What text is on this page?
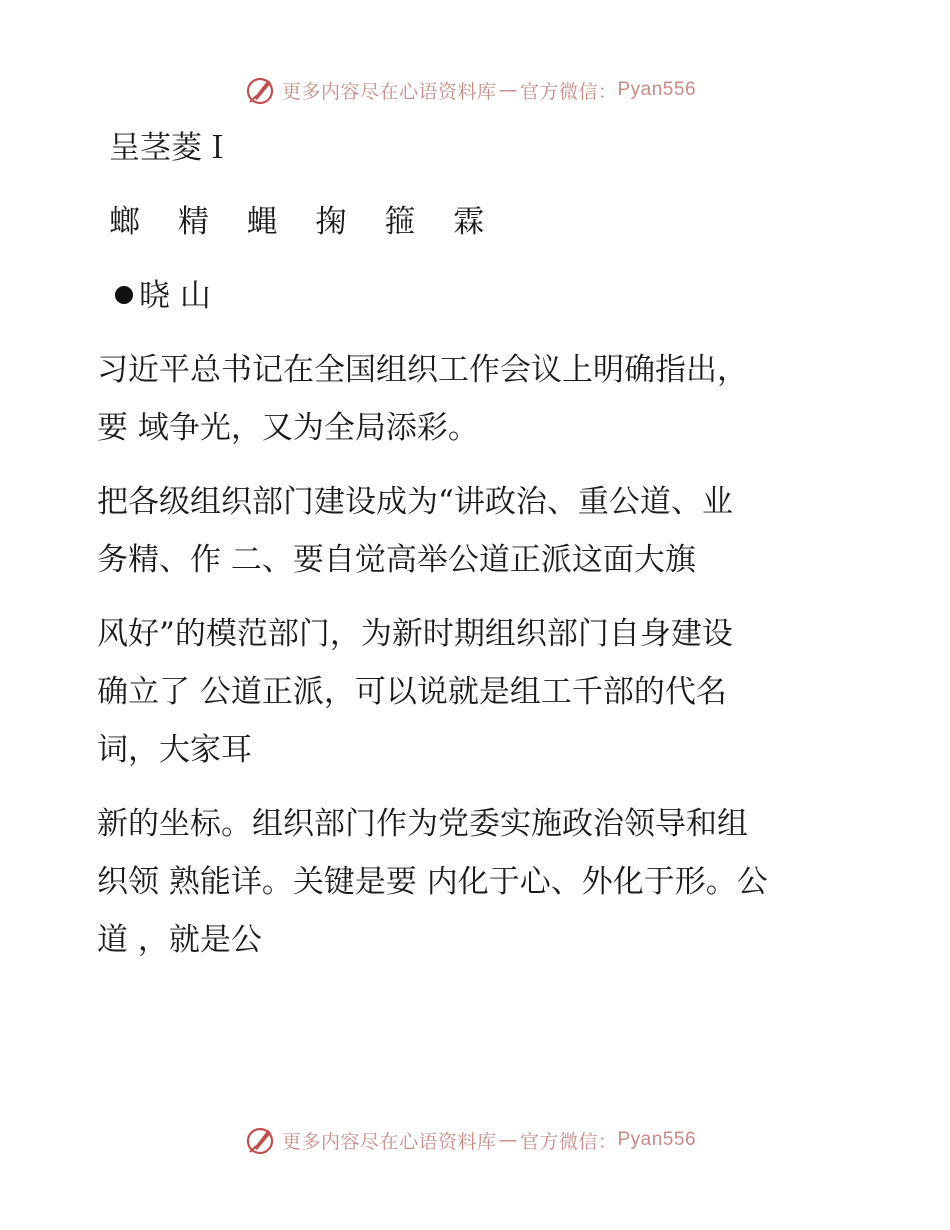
更多内容尽在心语资料库 — 官方微信： Pyan556
呈茎菱Ｉ
螂 精 蝿 掬 箍 霖
晓 山
习近平总书记在全国组织工作会议上明确指出，
要 域争光，又为全局添彩。
把各级组织部门建设成为“讲政治、重公道、业
务精、作 二、要自觉高举公道正派这面大旗
风好”的模范部门，为新时期组织部门自身建设
确立了 公道正派，可以说就是组工千部的代名
词，大家耳
新的坐标。组织部门作为党委实施政治领导和组
织领 熟能详。关键是要 内化于心、外化于形。公
道 ，就是公
更多内容尽在心语资料库 — 官方微信： Pyan556
